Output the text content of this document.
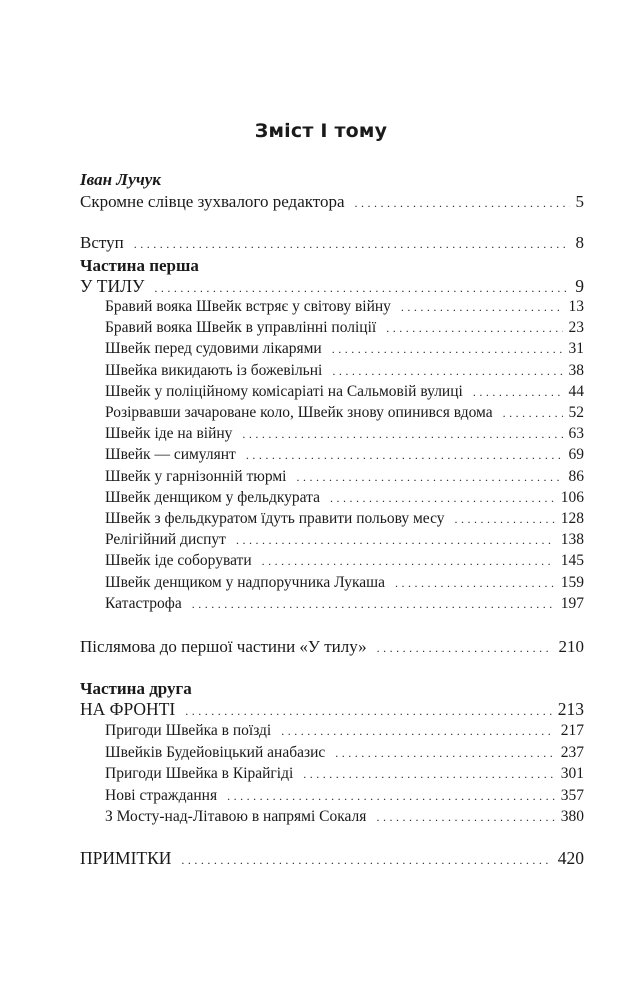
Зміст І тому
Іван Лучук
Скромне слівце зухвалого редактора . . .	5
Вступ . . .	8
Частина перша
У ТИЛУ . . .	9
Бравий вояка Швейк встряє у світову війну . . .	13
Бравий вояка Швейк в управлінні поліції . . .	23
Швейк перед судовими лікарями . . .	31
Швейка викидають із божевільні . . .	38
Швейк у поліційному комісаріаті на Сальмовій вулиці . . .	44
Розірвавши зачароване коло, Швейк знову опинився вдома . . .	52
Швейк іде на війну . . .	63
Швейк — симулянт . . .	69
Швейк у гарнізонній тюрмі . . .	86
Швейк денщиком у фельдкурата . . .	106
Швейк з фельдкуратом їдуть правити польову месу . . .	128
Релігійний диспут . . .	138
Швейк іде соборувати . . .	145
Швейк денщиком у надпоручника Лукаша . . .	159
Катастрофа . . .	197
Післямова до першої частини «У тилу» . . .	210
Частина друга
НА ФРОНТІ . . .	213
Пригоди Швейка в поїзді . . .	217
Швейків Будейовіцький анабазис . . .	237
Пригоди Швейка в Кірайгіді . . .	301
Нові страждання . . .	357
З Мосту-над-Літавою в напрямі Сокаля . . .	380
ПРИМІТКИ . . .	420
